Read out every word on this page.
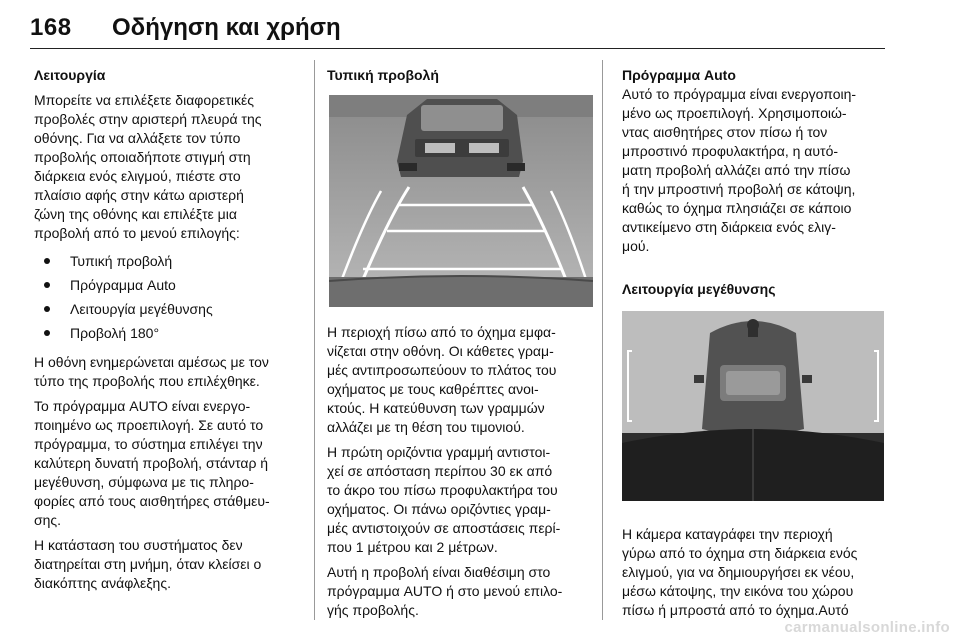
168 Οδήγηση και χρήση

Λειτουργία

Μπορείτε να επιλέξετε διαφορετικές
προβολές στην αριστερή πλευρά της
οθόνης. Για να αλλάξετε τον τύπο
προβολής οποιαδήποτε στιγμή στη
διάρκεια ενός ελιγμού, πιέστε στο
πλαίσιο αφής στην κάτω αριστερή
ζώνη της οθόνης και επιλέξτε μια
προβολή από το μενού επιλογής:

Τυπική προβολή
Πρόγραμμα Auto
Λειτουργία μεγέθυνσης
Προβολή 180°

Η οθόνη ενημερώνεται αμέσως με τον
τύπο της προβολής που επιλέχθηκε.

Το πρόγραμμα AUTO είναι ενεργο-
ποιημένο ως προεπιλογή. Σε αυτό το
πρόγραμμα, το σύστημα επιλέγει την
καλύτερη δυνατή προβολή, στάνταρ ή
μεγέθυνση, σύμφωνα με τις πληρο-
φορίες από τους αισθητήρες στάθμευ-
σης.

Η κατάσταση του συστήματος δεν
διατηρείται στη μνήμη, όταν κλείσει ο
διακόπτης ανάφλεξης.

Τυπική προβολή

Η περιοχή πίσω από το όχημα εμφα-
νίζεται στην οθόνη. Οι κάθετες γραμ-
μές αντιπροσωπεύουν το πλάτος του
οχήματος με τους καθρέπτες ανοι-
κτούς. Η κατεύθυνση των γραμμών
αλλάζει με τη θέση του τιμονιού.

Η πρώτη οριζόντια γραμμή αντιστοι-
χεί σε απόσταση περίπου 30 εκ από
το άκρο του πίσω προφυλακτήρα του
οχήματος. Οι πάνω οριζόντιες γραμ-
μές αντιστοιχούν σε αποστάσεις περί-
που 1 μέτρου και 2 μέτρων.

Αυτή η προβολή είναι διαθέσιμη στο
πρόγραμμα AUTO ή στο μενού επιλο-
γής προβολής.

Πρόγραμμα Auto

Αυτό το πρόγραμμα είναι ενεργοποιη-
μένο ως προεπιλογή. Χρησιμοποιώ-
ντας αισθητήρες στον πίσω ή τον
μπροστινό προφυλακτήρα, η αυτό-
ματη προβολή αλλάζει από την πίσω
ή την μπροστινή προβολή σε κάτοψη,
καθώς το όχημα πλησιάζει σε κάποιο
αντικείμενο στη διάρκεια ενός ελιγ-
μού.

Λειτουργία μεγέθυνσης

Η κάμερα καταγράφει την περιοχή
γύρω από το όχημα στη διάρκεια ενός
ελιγμού, για να δημιουργήσει εκ νέου,
μέσω κάτοψης, την εικόνα του χώρου
πίσω ή μπροστά από το όχημα.Αυτό

carmanualsonline.info
